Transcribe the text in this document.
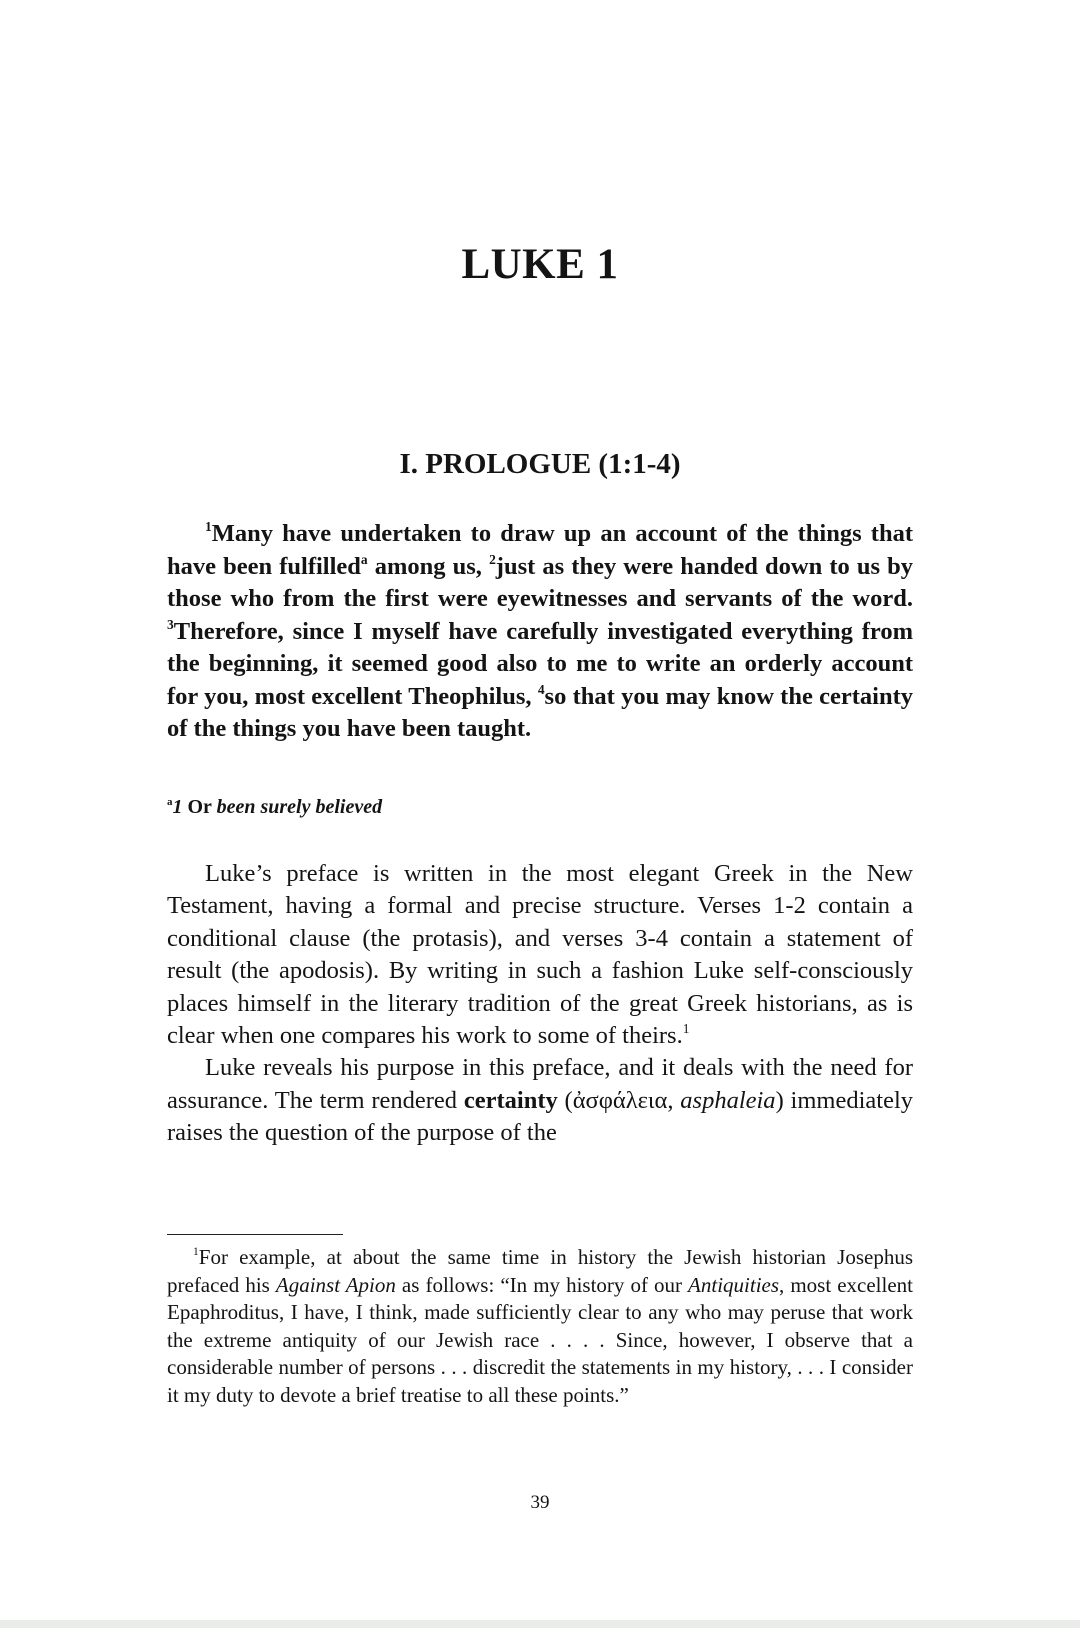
LUKE 1
I. PROLOGUE (1:1-4)

$^1$Many have undertaken to draw up an account of the things that have been fulfilled$^a$ among us, $^2$just as they were handed down to us by those who from the first were eyewitnesses and servants of the word. $^3$Therefore, since I myself have carefully investigated everything from the beginning, it seemed good also to me to write an orderly account for you, most excellent Theophilus, $^4$so that you may know the certainty of the things you have been taught.

$^a$1 Or been surely believed

Luke’s preface is written in the most elegant Greek in the New Testament, having a formal and precise structure. Verses 1-2 contain a conditional clause (the protasis), and verses 3-4 contain a statement of result (the apodosis). By writing in such a fashion Luke self-consciously places himself in the literary tradition of the great Greek historians, as is clear when one compares his work to some of theirs.$^1$

Luke reveals his purpose in this preface, and it deals with the need for assurance. The term rendered certainty (ἀσφάλεια, asphaleia) immediately raises the question of the purpose of the

$^1$For example, at about the same time in history the Jewish historian Josephus prefaced his Against Apion as follows: “In my history of our Antiquities, most excellent Epaphroditus, I have, I think, made sufficiently clear to any who may peruse that work the extreme antiquity of our Jewish race . . . . Since, however, I observe that a considerable number of persons . . . discredit the statements in my history, . . . I consider it my duty to devote a brief treatise to all these points.”

39
